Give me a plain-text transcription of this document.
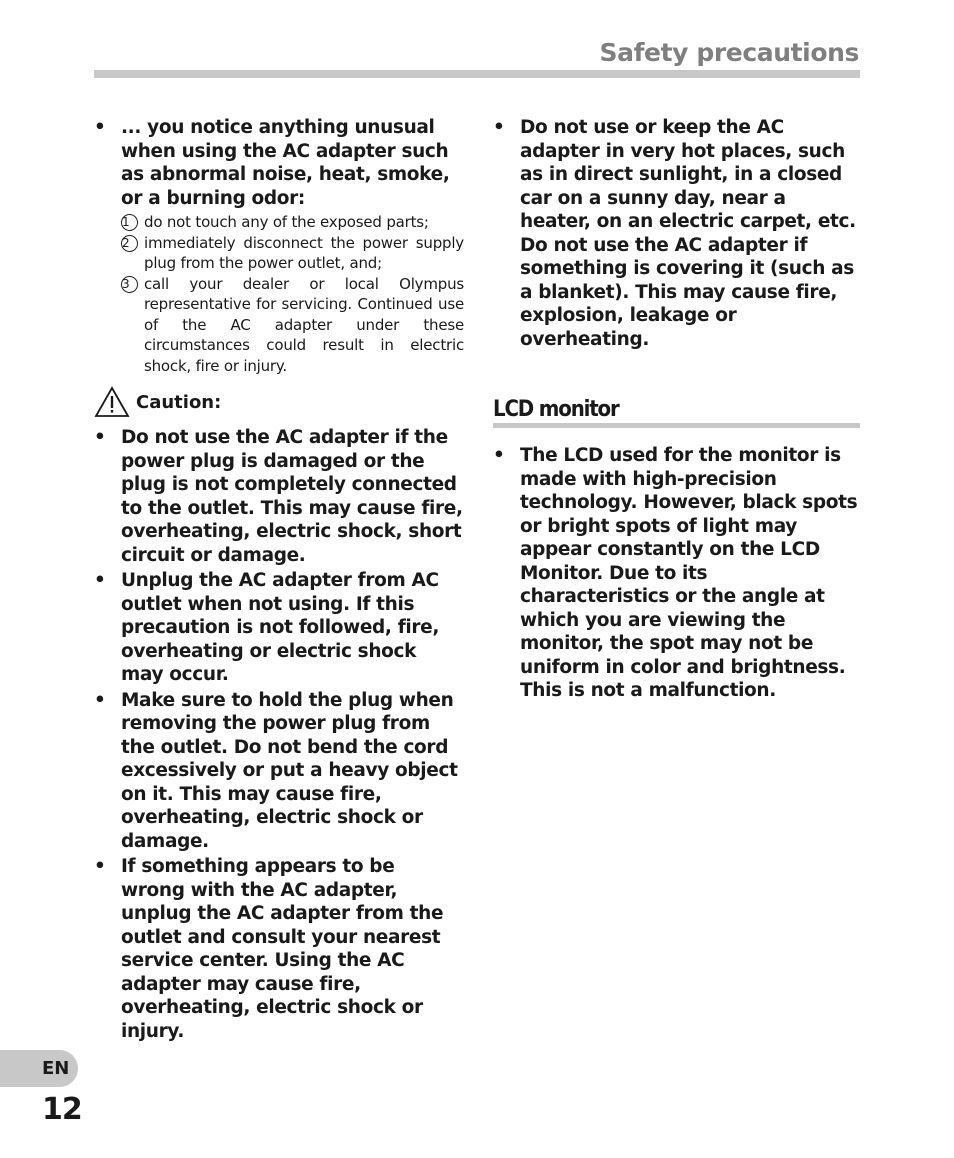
Safety precautions
• ... you notice anything unusual when using the AC adapter such as abnormal noise, heat, smoke, or a burning odor:
1 do not touch any of the exposed parts;
2 immediately disconnect the power supply plug from the power outlet, and;
3 call your dealer or local Olympus representative for servicing. Continued use of the AC adapter under these circumstances could result in electric shock, fire or injury.
Caution:
• Do not use the AC adapter if the power plug is damaged or the plug is not completely connected to the outlet. This may cause fire, overheating, electric shock, short circuit or damage.
• Unplug the AC adapter from AC outlet when not using. If this precaution is not followed, fire, overheating or electric shock may occur.
• Make sure to hold the plug when removing the power plug from the outlet. Do not bend the cord excessively or put a heavy object on it. This may cause fire, overheating, electric shock or damage.
• If something appears to be wrong with the AC adapter, unplug the AC adapter from the outlet and consult your nearest service center. Using the AC adapter may cause fire, overheating, electric shock or injury.
• Do not use or keep the AC adapter in very hot places, such as in direct sunlight, in a closed car on a sunny day, near a heater, on an electric carpet, etc. Do not use the AC adapter if something is covering it (such as a blanket). This may cause fire, explosion, leakage or overheating.
LCD monitor
• The LCD used for the monitor is made with high-precision technology. However, black spots or bright spots of light may appear constantly on the LCD Monitor. Due to its characteristics or the angle at which you are viewing the monitor, the spot may not be uniform in color and brightness. This is not a malfunction.
EN
12
